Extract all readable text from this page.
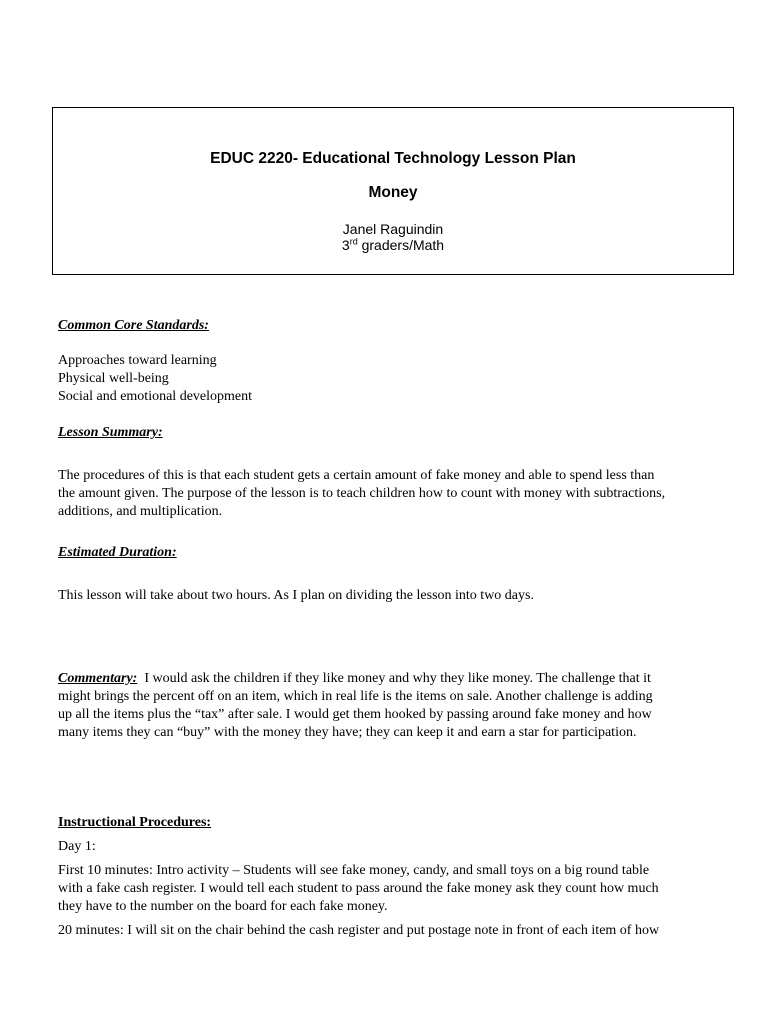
EDUC 2220- Educational Technology Lesson Plan
Money
Janel Raguindin
3rd graders/Math
Common Core Standards:
Approaches toward learning
Physical well-being
Social and emotional development
Lesson Summary:
The procedures of this is that each student gets a certain amount of fake money and able to spend less than
the amount given. The purpose of the lesson is to teach children how to count with money with subtractions,
additions, and multiplication.
Estimated Duration:
This lesson will take about two hours. As I plan on dividing the lesson into two days.
Commentary:  I would ask the children if they like money and why they like money. The challenge that it
might brings the percent off on an item, which in real life is the items on sale. Another challenge is adding
up all the items plus the “tax” after sale. I would get them hooked by passing around fake money and how
many items they can “buy” with the money they have; they can keep it and earn a star for participation.
Instructional Procedures:
Day 1:
First 10 minutes: Intro activity – Students will see fake money, candy, and small toys on a big round table
with a fake cash register. I would tell each student to pass around the fake money ask they count how much
they have to the number on the board for each fake money.
20 minutes: I will sit on the chair behind the cash register and put postage note in front of each item of how
